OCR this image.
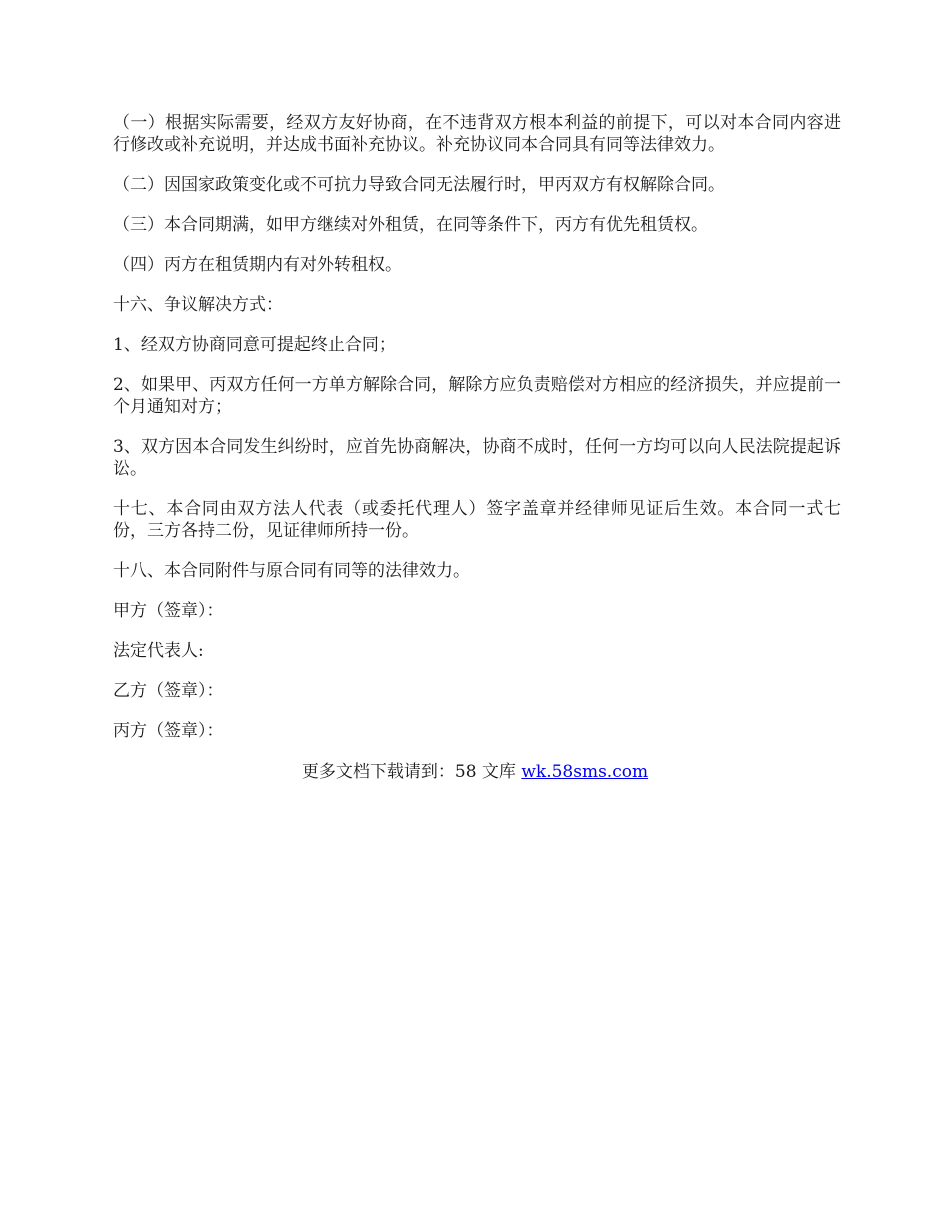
（一）根据实际需要，经双方友好协商，在不违背双方根本利益的前提下，可以对本合同内容进行修改或补充说明，并达成书面补充协议。补充协议同本合同具有同等法律效力。

（二）因国家政策变化或不可抗力导致合同无法履行时，甲丙双方有权解除合同。

（三）本合同期满，如甲方继续对外租赁，在同等条件下，丙方有优先租赁权。

（四）丙方在租赁期内有对外转租权。

十六、争议解决方式：

1、经双方协商同意可提起终止合同；

2、如果甲、丙双方任何一方单方解除合同，解除方应负责赔偿对方相应的经济损失，并应提前一个月通知对方；

3、双方因本合同发生纠纷时，应首先协商解决，协商不成时，任何一方均可以向人民法院提起诉讼。

十七、本合同由双方法人代表（或委托代理人）签字盖章并经律师见证后生效。本合同一式七份，三方各持二份，见证律师所持一份。

十八、本合同附件与原合同有同等的法律效力。

甲方（签章）：

法定代表人:

乙方（签章）：

丙方（签章）：

更多文档下载请到：58 文库 wk.58sms.com
